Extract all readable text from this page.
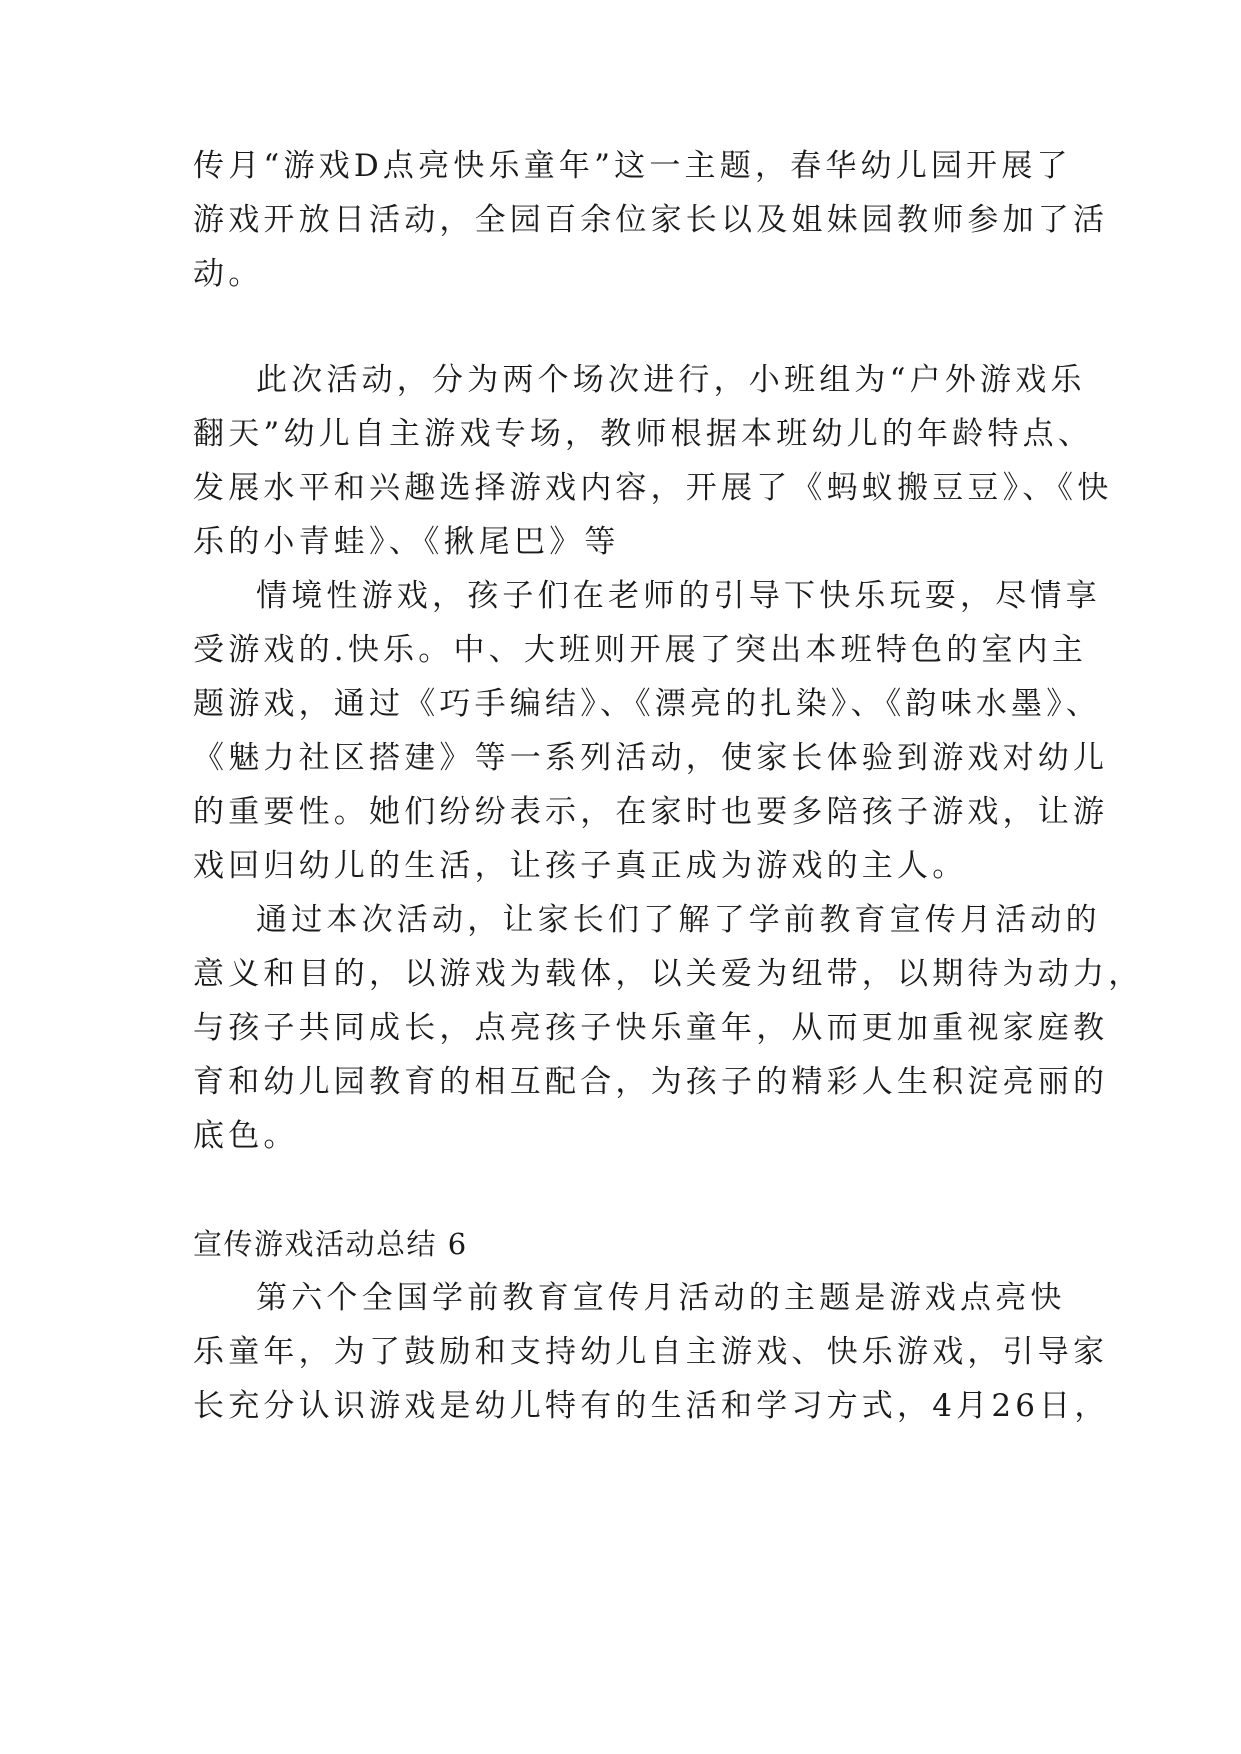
传月“游戏D点亮快乐童年”这一主题，春华幼儿园开展了
游戏开放日活动，全园百余位家长以及姐妹园教师参加了活
动。
此次活动，分为两个场次进行，小班组为“户外游戏乐
翻天”幼儿自主游戏专场，教师根据本班幼儿的年龄特点、
发展水平和兴趣选择游戏内容，开展了《蚂蚁搬豆豆》、《快
乐的小青蛙》、《揪尾巴》等
情境性游戏，孩子们在老师的引导下快乐玩耍，尽情享
受游戏的.快乐。中、大班则开展了突出本班特色的室内主
题游戏，通过《巧手编结》、《漂亮的扎染》、《韵味水墨》、
《魅力社区搭建》等一系列活动，使家长体验到游戏对幼儿
的重要性。她们纷纷表示，在家时也要多陪孩子游戏，让游
戏回归幼儿的生活，让孩子真正成为游戏的主人。
通过本次活动，让家长们了解了学前教育宣传月活动的
意义和目的，以游戏为载体，以关爱为纽带，以期待为动力，
与孩子共同成长，点亮孩子快乐童年，从而更加重视家庭教
育和幼儿园教育的相互配合，为孩子的精彩人生积淀亮丽的
底色。
宣传游戏活动总结 6
第六个全国学前教育宣传月活动的主题是游戏点亮快
乐童年，为了鼓励和支持幼儿自主游戏、快乐游戏，引导家
长充分认识游戏是幼儿特有的生活和学习方式，4月26日，
